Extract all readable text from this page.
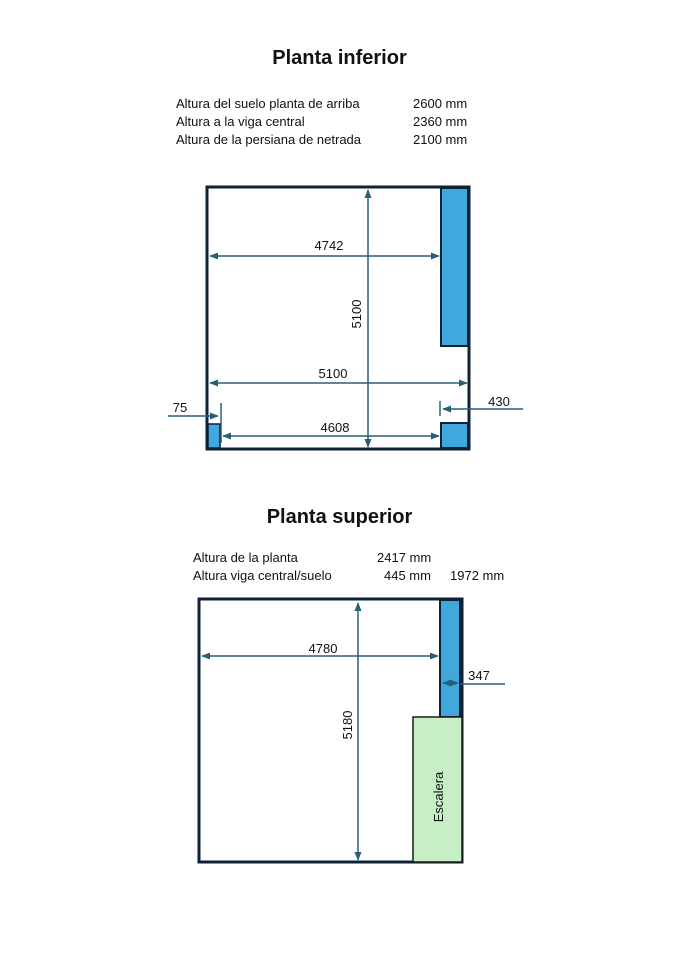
Planta inferior
Altura del suelo planta de arriba	2600 mm
Altura a la viga central	2360 mm
Altura de la persiana de netrada	2100 mm
Planta superior
Altura de la planta	2417 mm
Altura viga central/suelo	445 mm 1972 mm
4742
5100
4608
5100
75	430
4780
5180
347
Escalera
